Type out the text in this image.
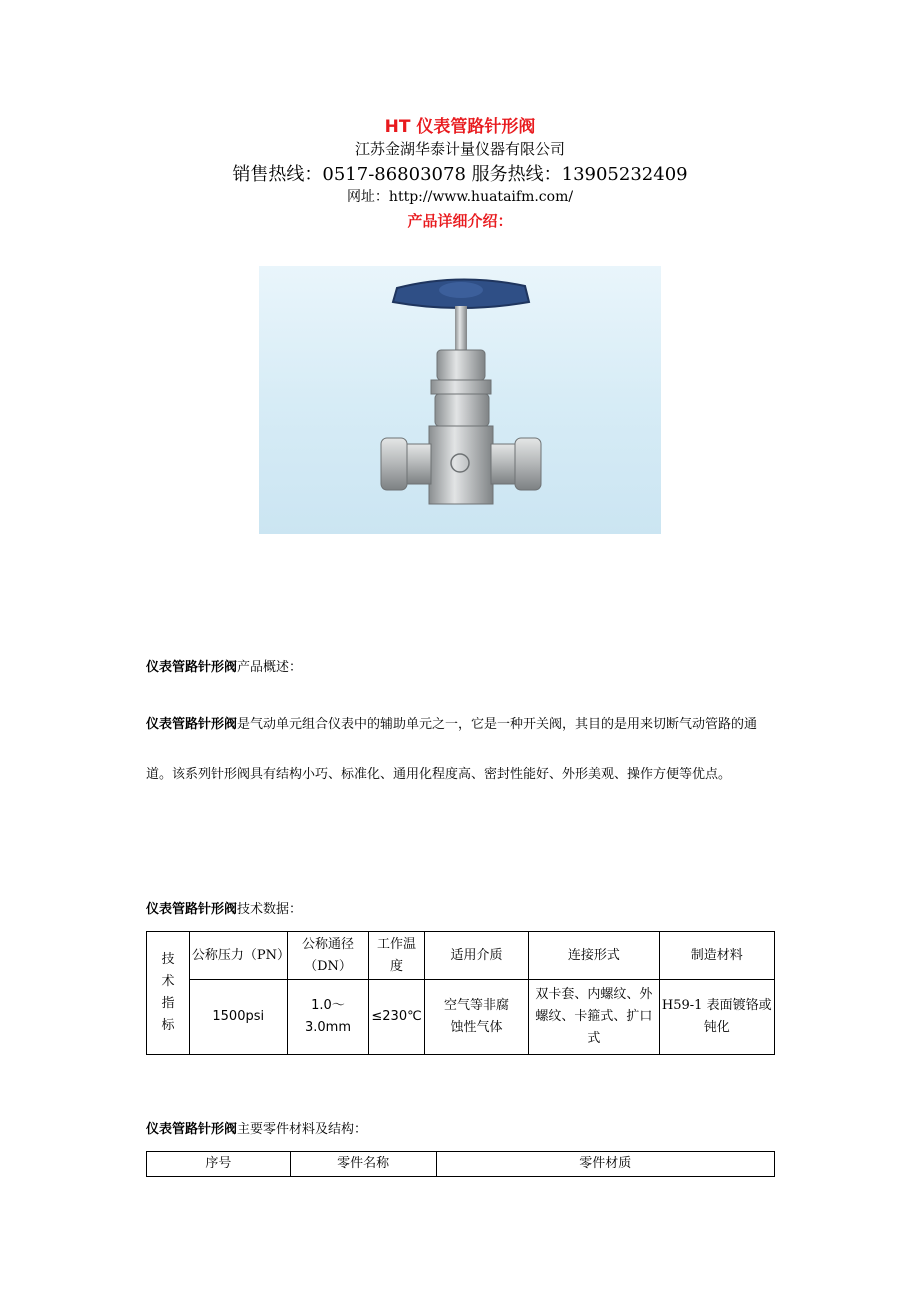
HT 仪表管路针形阀
江苏金湖华泰计量仪器有限公司
销售热线：0517-86803078 服务热线：13905232409
网址：http://www.huataifm.com/
产品详细介绍：
仪表管路针形阀产品概述：
仪表管路针形阀是气动单元组合仪表中的辅助单元之一，它是一种开关阀，其目的是用来切断气动管路的通道。该系列针形阀具有结构小巧、标准化、通用化程度高、密封性能好、外形美观、操作方便等优点。
仪表管路针形阀技术数据：
技术指标	公称压力（PN）	公称通径（DN）	工作温度	适用介质	连接形式	制造材料
	1500psi	1.0～3.0mm	≤230℃	空气等非腐蚀性气体	双卡套、内螺纹、外螺纹、卡箍式、扩口式	H59-1 表面镀铬或钝化
仪表管路针形阀主要零件材料及结构：
序号	零件名称	零件材质
